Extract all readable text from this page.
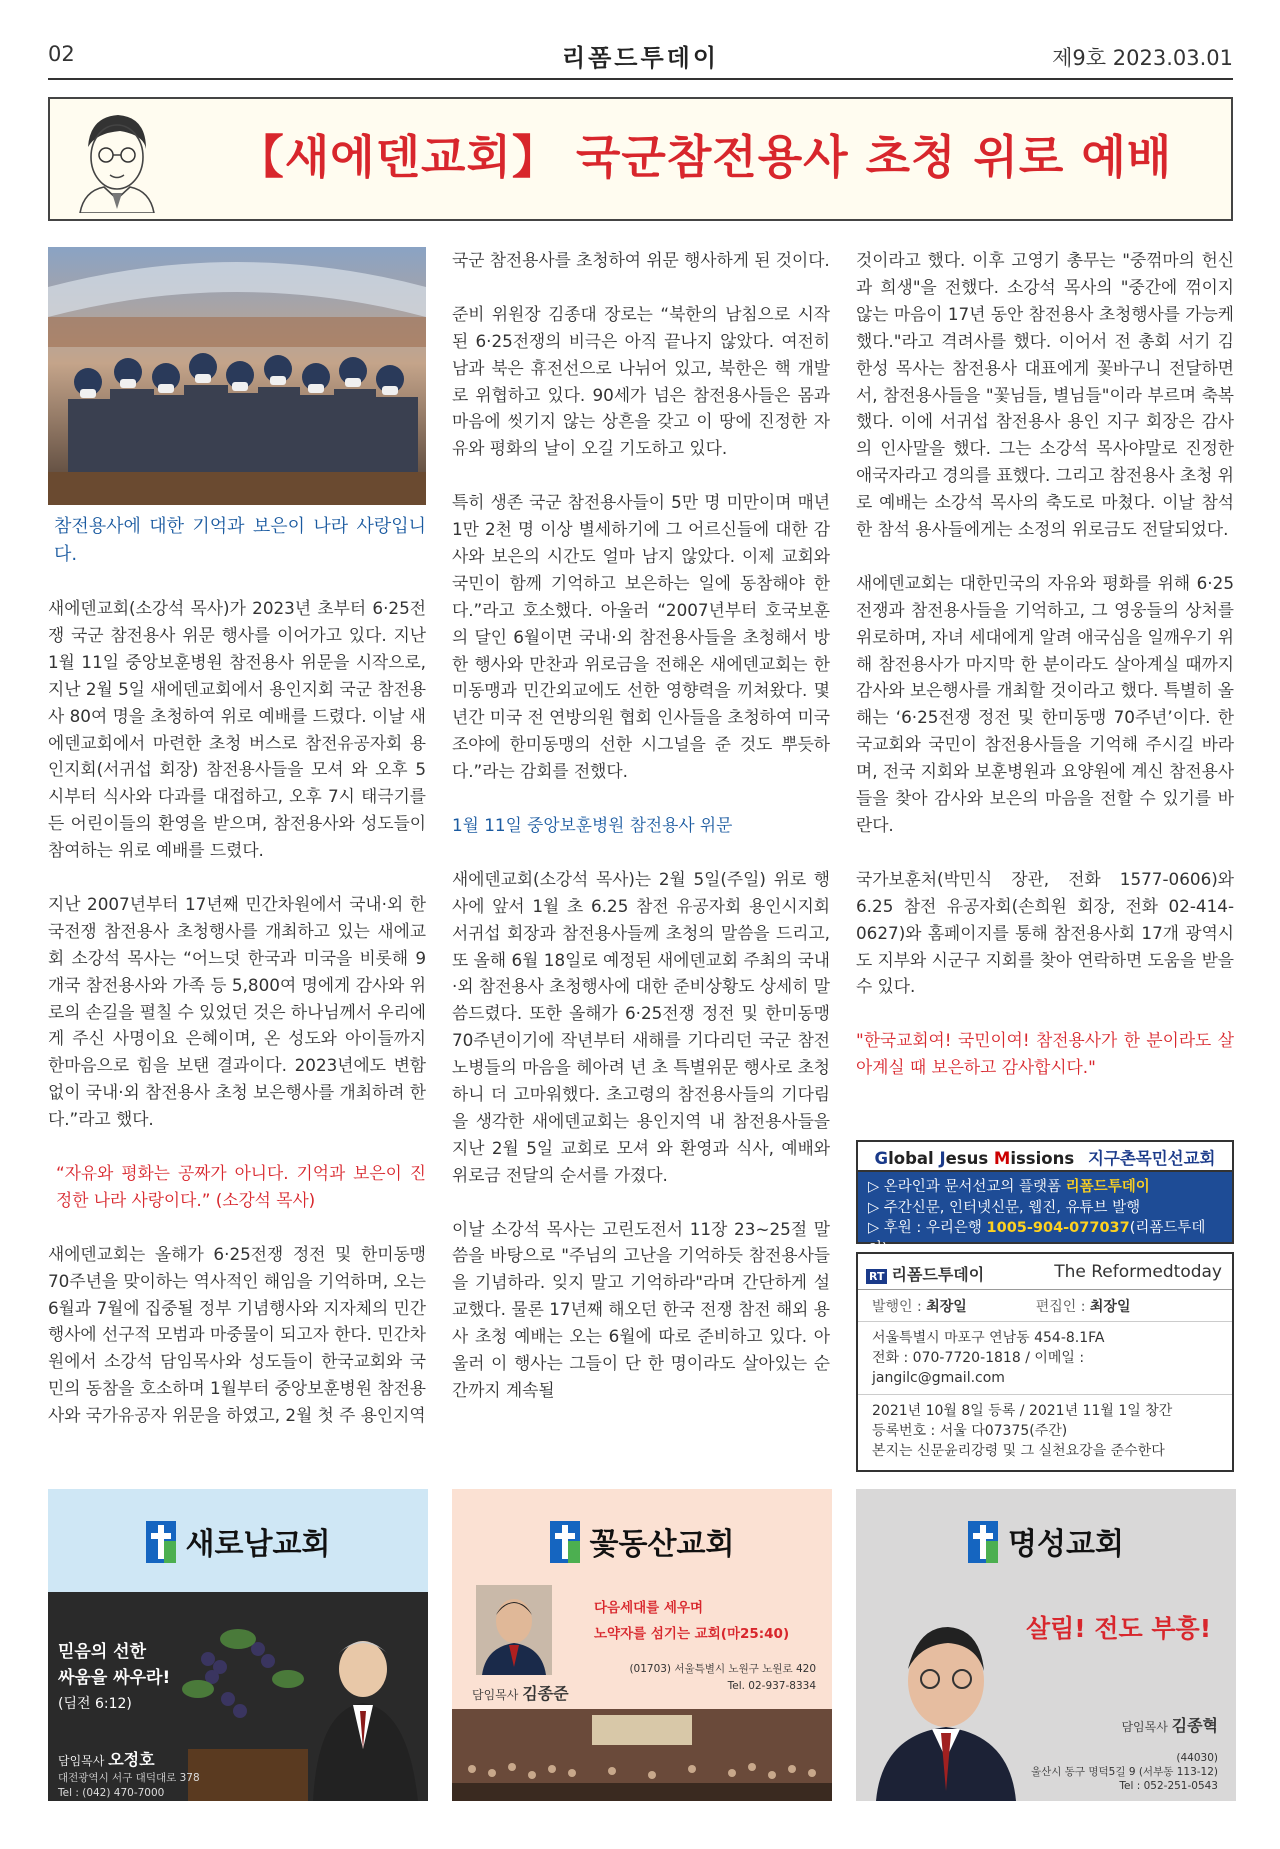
02	리폼드투데이	제9호 2023.03.01
【새에덴교회】 국군참전용사 초청 위로 예배
참전용사에 대한 기억과 보은이 나라 사랑입니다.

새에덴교회(소강석 목사)가 2023년 초부터 6·25전쟁 국군 참전용사 위문 행사를 이어가고 있다. 지난 1월 11일 중앙보훈병원 참전용사 위문을 시작으로, 지난 2월 5일 새에덴교회에서 용인지회 국군 참전용사 80여 명을 초청하여 위로 예배를 드렸다. 이날 새에덴교회에서 마련한 초청 버스로 참전유공자회 용인지회(서귀섭 회장) 참전용사들을 모셔 와 오후 5시부터 식사와 다과를 대접하고, 오후 7시 태극기를 든 어린이들의 환영을 받으며, 참전용사와 성도들이 참여하는 위로 예배를 드렸다.

지난 2007년부터 17년째 민간차원에서 국내·외 한국전쟁 참전용사 초청행사를 개최하고 있는 새에교회 소강석 목사는 “어느덧 한국과 미국을 비롯해 9개국 참전용사와 가족 등 5,800여 명에게 감사와 위로의 손길을 펼칠 수 있었던 것은 하나님께서 우리에게 주신 사명이요 은혜이며, 온 성도와 아이들까지 한마음으로 힘을 보탠 결과이다. 2023년에도 변함없이 국내·외 참전용사 초청 보은행사를 개최하려 한다.”라고 했다.

“자유와 평화는 공짜가 아니다. 기억과 보은이 진정한 나라 사랑이다.” (소강석 목사)

새에덴교회는 올해가 6·25전쟁 정전 및 한미동맹 70주년을 맞이하는 역사적인 해임을 기억하며, 오는 6월과 7월에 집중될 정부 기념행사와 지자체의 민간 행사에 선구적 모범과 마중물이 되고자 한다. 민간차원에서 소강석 담임목사와 성도들이 한국교회와 국민의 동참을 호소하며 1월부터 중앙보훈병원 참전용사와 국가유공자 위문을 하였고, 2월 첫 주 용인지역

국군 참전용사를 초청하여 위문 행사하게 된 것이다.

준비 위원장 김종대 장로는 “북한의 남침으로 시작된 6·25전쟁의 비극은 아직 끝나지 않았다. 여전히 남과 북은 휴전선으로 나뉘어 있고, 북한은 핵 개발로 위협하고 있다. 90세가 넘은 참전용사들은 몸과 마음에 씻기지 않는 상흔을 갖고 이 땅에 진정한 자유와 평화의 날이 오길 기도하고 있다.

특히 생존 국군 참전용사들이 5만 명 미만이며 매년 1만 2천 명 이상 별세하기에 그 어르신들에 대한 감사와 보은의 시간도 얼마 남지 않았다. 이제 교회와 국민이 함께 기억하고 보은하는 일에 동참해야 한다.”라고 호소했다. 아울러 “2007년부터 호국보훈의 달인 6월이면 국내·외 참전용사들을 초청해서 방한 행사와 만찬과 위로금을 전해온 새에덴교회는 한미동맹과 민간외교에도 선한 영향력을 끼쳐왔다. 몇 년간 미국 전 연방의원 협회 인사들을 초청하여 미국 조야에 한미동맹의 선한 시그널을 준 것도 뿌듯하다.”라는 감회를 전했다.

1월 11일 중앙보훈병원 참전용사 위문

새에덴교회(소강석 목사)는 2월 5일(주일) 위로 행사에 앞서 1월 초 6.25 참전 유공자회 용인시지회 서귀섭 회장과 참전용사들께 초청의 말씀을 드리고, 또 올해 6월 18일로 예정된 새에덴교회 주최의 국내·외 참전용사 초청행사에 대한 준비상황도 상세히 말씀드렸다. 또한 올해가 6·25전쟁 정전 및 한미동맹 70주년이기에 작년부터 새해를 기다리던 국군 참전 노병들의 마음을 헤아려 년 초 특별위문 행사로 초청하니 더 고마워했다. 초고령의 참전용사들의 기다림을 생각한 새에덴교회는 용인지역 내 참전용사들을 지난 2월 5일 교회로 모셔 와 환영과 식사, 예배와 위로금 전달의 순서를 가졌다.

이날 소강석 목사는 고린도전서 11장 23~25절 말씀을 바탕으로 "주님의 고난을 기억하듯 참전용사들을 기념하라. 잊지 말고 기억하라"라며 간단하게 설교했다. 물론 17년째 해오던 한국 전쟁 참전 해외 용사 초청 예배는 오는 6월에 따로 준비하고 있다. 아울러 이 행사는 그들이 단 한 명이라도 살아있는 순간까지 계속될

것이라고 했다. 이후 고영기 총무는 "중꺾마의 헌신과 희생"을 전했다. 소강석 목사의 "중간에 꺾이지 않는 마음이 17년 동안 참전용사 초청행사를 가능케 했다."라고 격려사를 했다. 이어서 전 총회 서기 김한성 목사는 참전용사 대표에게 꽃바구니 전달하면서, 참전용사들을 "꽃님들, 별님들"이라 부르며 축복했다. 이에 서귀섭 참전용사 용인 지구 회장은 감사의 인사말을 했다. 그는 소강석 목사야말로 진정한 애국자라고 경의를 표했다. 그리고 참전용사 초청 위로 예배는 소강석 목사의 축도로 마쳤다. 이날 참석한 참석 용사들에게는 소정의 위로금도 전달되었다.

새에덴교회는 대한민국의 자유와 평화를 위해 6·25전쟁과 참전용사들을 기억하고, 그 영웅들의 상처를 위로하며, 자녀 세대에게 알려 애국심을 일깨우기 위해 참전용사가 마지막 한 분이라도 살아계실 때까지 감사와 보은행사를 개최할 것이라고 했다. 특별히 올해는 ‘6·25전쟁 정전 및 한미동맹 70주년’이다. 한국교회와 국민이 참전용사들을 기억해 주시길 바라며, 전국 지회와 보훈병원과 요양원에 계신 참전용사들을 찾아 감사와 보은의 마음을 전할 수 있기를 바란다.

국가보훈처(박민식 장관, 전화 1577-0606)와 6.25 참전 유공자회(손희원 회장, 전화 02-414-0627)와 홈페이지를 통해 참전용사회 17개 광역시도 지부와 시군구 지회를 찾아 연락하면 도움을 받을 수 있다.

"한국교회여! 국민이여! 참전용사가 한 분이라도 살아계실 때 보은하고 감사합시다."

Global Jesus Missions 지구촌목민선교회
▷ 온라인과 문서선교의 플랫폼 리폼드투데이
▷ 주간신문, 인터넷신문, 웹진, 유튜브 발행
▷ 후원 : 우리은행 1005-904-077037(리폼드투데이)
RT 리폼드투데이	The Reformedtoday
발행인 : 최장일	편집인 : 최장일
서울특별시 마포구 연남동 454-8.1FA
전화 : 070-7720-1818 / 이메일 : jangilc@gmail.com
2021년 10월 8일 등록 / 2021년 11월 1일 창간
등록번호 : 서울 다07375(주간)
본지는 신문윤리강령 및 그 실천요강을 준수한다
새로남교회
믿음의 선한
싸움을 싸우라!
(딤전 6:12)
담임목사 오정호
대전광역시 서구 대덕대로 378
Tel : (042) 470-7000
꽃동산교회
다음세대를 세우며
노약자를 섬기는 교회(마25:40)
(01703) 서울특별시 노원구 노원로 420
Tel. 02-937-8334
담임목사 김종준
명성교회
살림! 전도 부흥!
담임목사 김종혁
(44030)
울산시 동구 명덕5길 9 (서부동 113-12)
Tel : 052-251-0543
